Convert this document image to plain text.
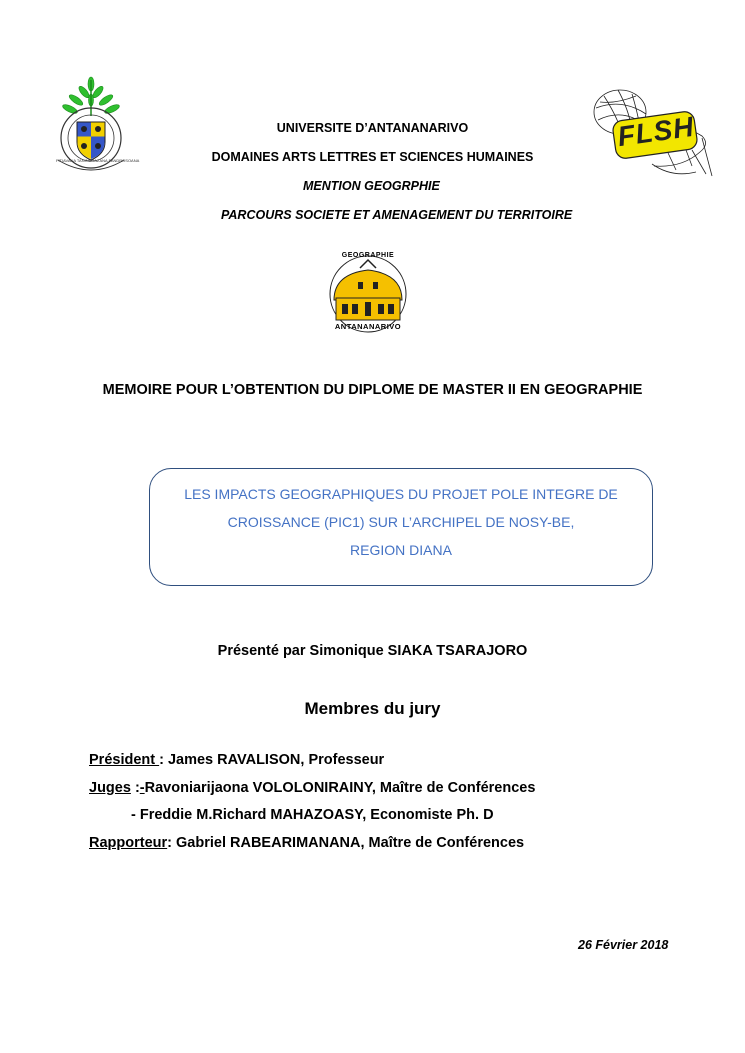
FITIAVANA TANINDRAZANA FANDROSOANA
FLSH
UNIVERSITE D’ANTANANARIVO
DOMAINES ARTS LETTRES ET SCIENCES HUMAINES
MENTION GEOGRPHIE
PARCOURS SOCIETE ET AMENAGEMENT DU TERRITOIRE
GEOGRAPHIE
ANTANANARIVO
MEMOIRE POUR L’OBTENTION DU DIPLOME DE MASTER II EN GEOGRAPHIE
LES IMPACTS GEOGRAPHIQUES DU PROJET POLE INTEGRE DE
CROISSANCE (PIC1) SUR L’ARCHIPEL DE NOSY-BE,
REGION DIANA
Présenté par Simonique SIAKA TSARAJORO
Membres du jury
Président : James RAVALISON, Professeur
Juges :-Ravoniarijaona VOLOLONIRAINY, Maître de Conférences
- Freddie M.Richard MAHAZOASY, Economiste Ph. D
Rapporteur: Gabriel RABEARIMANANA, Maître de Conférences
26 Février 2018
